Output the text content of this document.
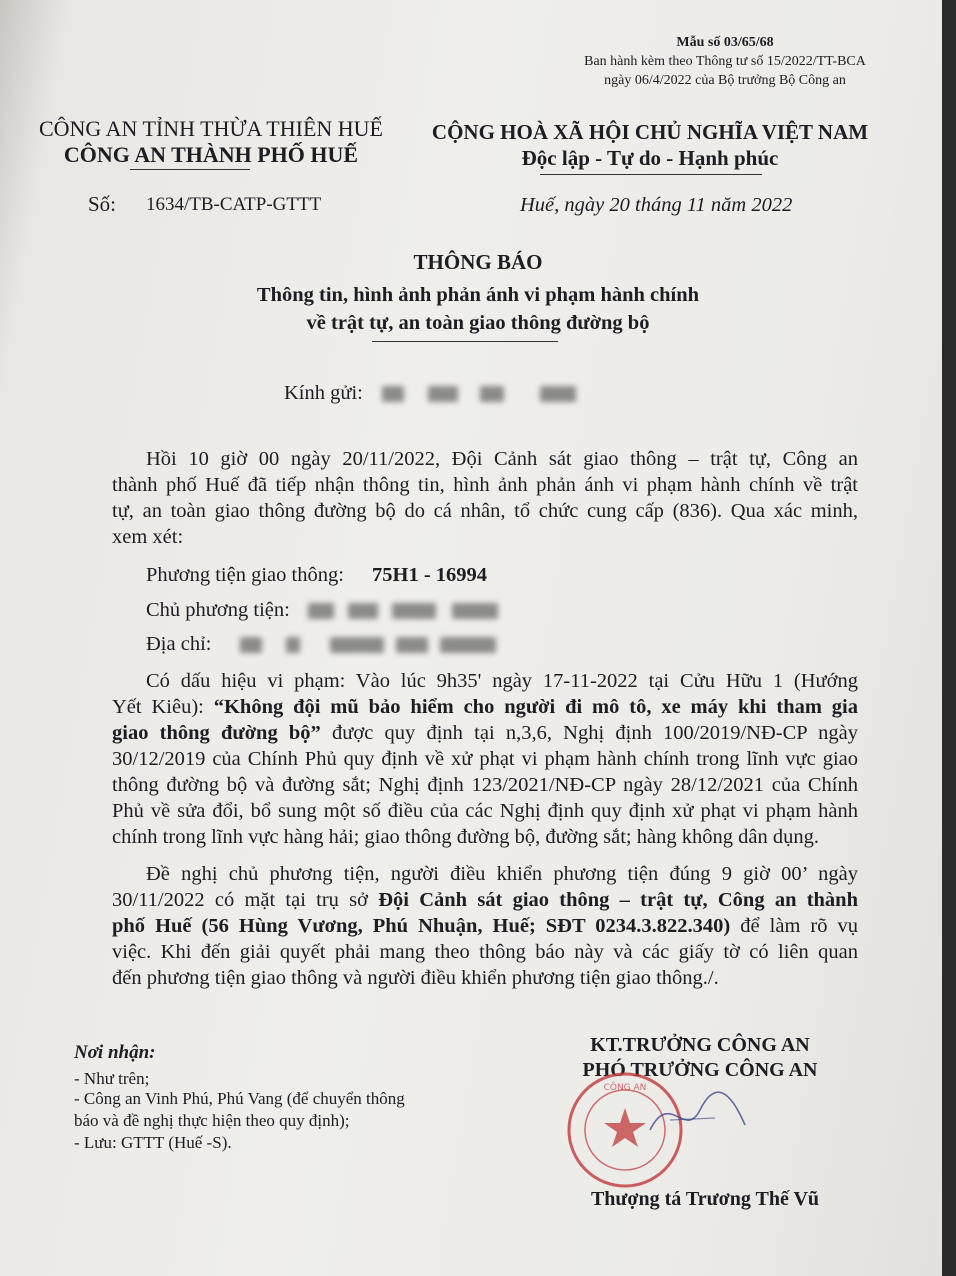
Mẫu số 03/65/68
Ban hành kèm theo Thông tư số 15/2022/TT-BCA
ngày 06/4/2022 của Bộ trưởng Bộ Công an
CÔNG AN TỈNH THỪA THIÊN HUẾ
CÔNG AN THÀNH PHỐ HUẾ
CỘNG HOÀ XÃ HỘI CHỦ NGHĨA VIỆT NAM
Độc lập - Tự do - Hạnh phúc
Số: 1634/TB-CATP-GTTT	Huế, ngày 20 tháng 11 năm 2022
THÔNG BÁO
Thông tin, hình ảnh phản ánh vi phạm hành chính
về trật tự, an toàn giao thông đường bộ
Kính gửi:
Hồi 10 giờ 00 ngày 20/11/2022, Đội Cảnh sát giao thông – trật tự, Công an
thành phố Huế đã tiếp nhận thông tin, hình ảnh phản ánh vi phạm hành chính về trật
tự, an toàn giao thông đường bộ do cá nhân, tổ chức cung cấp (836). Qua xác minh,
xem xét:
Phương tiện giao thông: 75H1 - 16994
Chủ phương tiện:
Địa chỉ:
Có dấu hiệu vi phạm: Vào lúc 9h35' ngày 17-11-2022 tại Cửu Hữu 1 (Hướng
Yết Kiêu): “Không đội mũ bảo hiểm cho người đi mô tô, xe máy khi tham gia
giao thông đường bộ” được quy định tại n,3,6, Nghị định 100/2019/NĐ-CP ngày
30/12/2019 của Chính Phủ quy định về xử phạt vi phạm hành chính trong lĩnh vực giao
thông đường bộ và đường sắt; Nghị định 123/2021/NĐ-CP ngày 28/12/2021 của Chính
Phủ về sửa đổi, bổ sung một số điều của các Nghị định quy định xử phạt vi phạm hành
chính trong lĩnh vực hàng hải; giao thông đường bộ, đường sắt; hàng không dân dụng.
Đề nghị chủ phương tiện, người điều khiển phương tiện đúng 9 giờ 00’ ngày
30/11/2022 có mặt tại trụ sở Đội Cảnh sát giao thông – trật tự, Công an thành
phố Huế (56 Hùng Vương, Phú Nhuận, Huế; SĐT 0234.3.822.340) để làm rõ vụ
việc. Khi đến giải quyết phải mang theo thông báo này và các giấy tờ có liên quan
đến phương tiện giao thông và người điều khiển phương tiện giao thông./.
Nơi nhận:
- Như trên;
- Công an Vinh Phú, Phú Vang (để chuyển thông
báo và đề nghị thực hiện theo quy định);
- Lưu: GTTT (Huế -S).
KT.TRƯỞNG CÔNG AN
PHÓ TRƯỞNG CÔNG AN
CÔNG AN
Thượng tá Trương Thế Vũ
